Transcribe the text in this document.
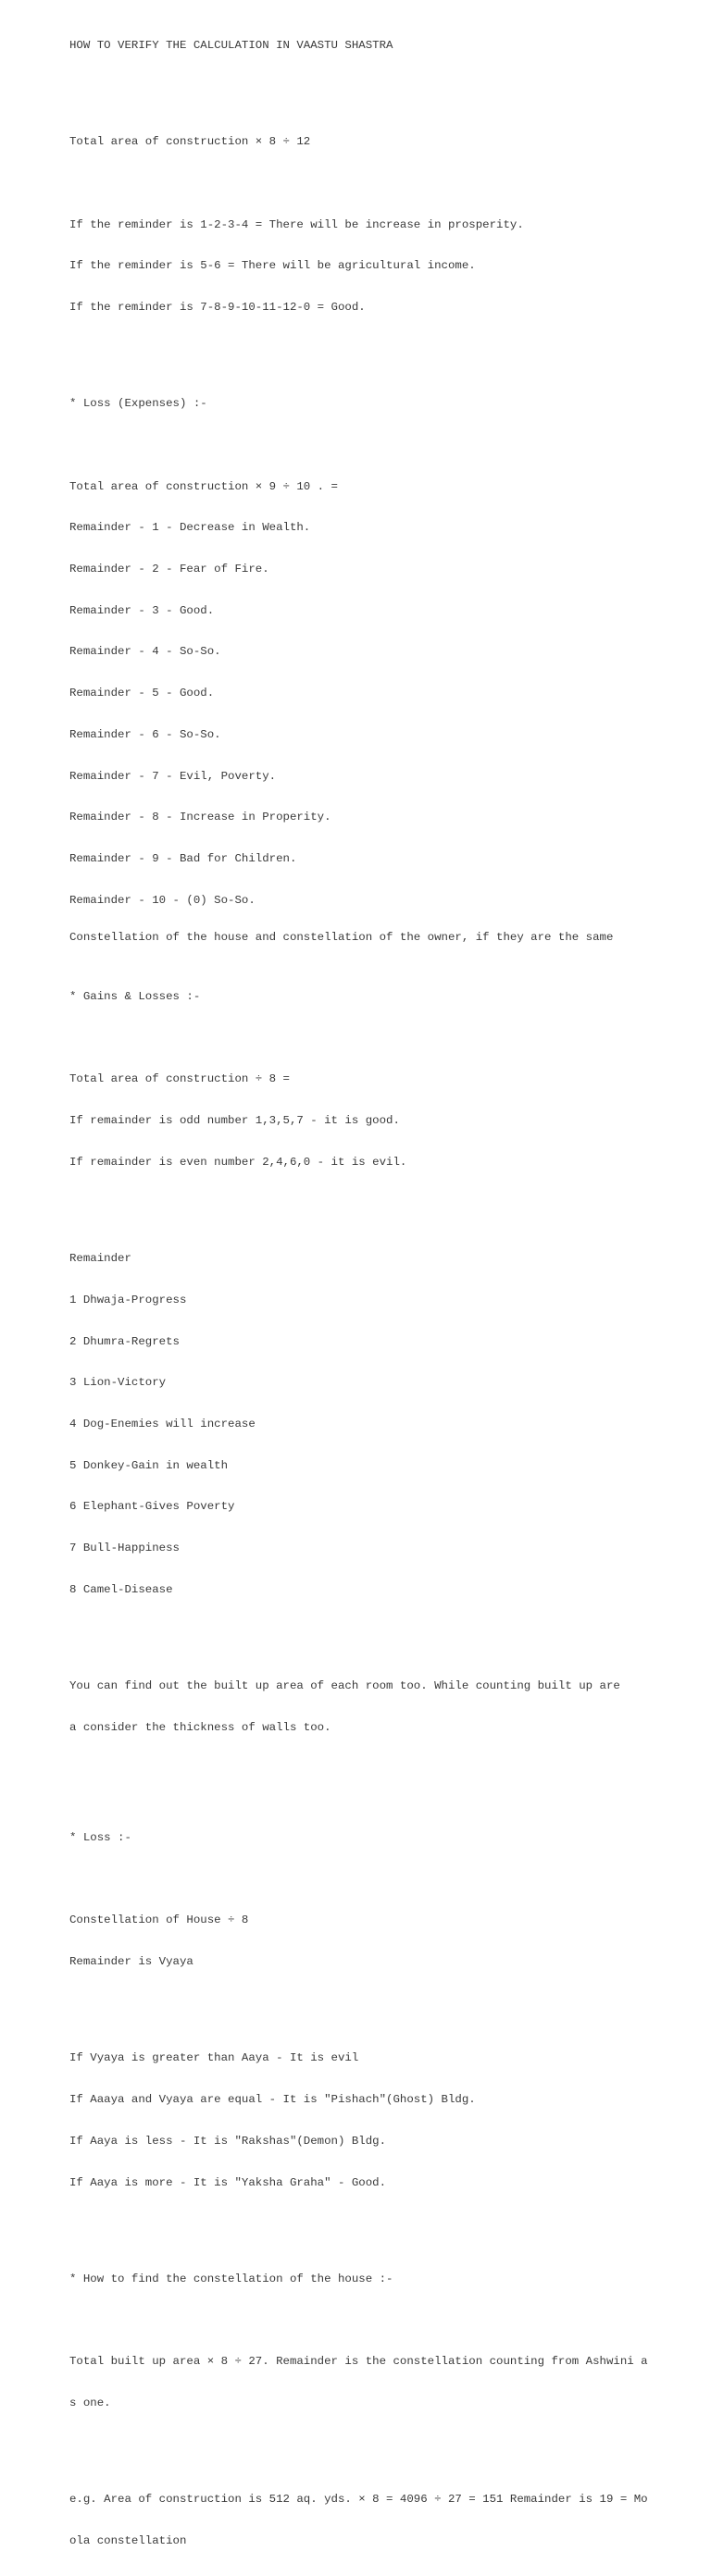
HOW TO VERIFY THE CALCULATION IN VAASTU SHASTRA

Total area of construction × 8 ÷ 12

If the reminder is 1-2-3-4 = There will be increase in prosperity.

If the reminder is 5-6 = There will be agricultural income.

If the reminder is 7-8-9-10-11-12-0 = Good.

* Loss (Expenses) :-

Total area of construction × 9 ÷ 10 . =

Remainder - 1 - Decrease in Wealth.

Remainder - 2 - Fear of Fire.

Remainder - 3 - Good.

Remainder - 4 - So-So.

Remainder - 5 - Good.

Remainder - 6 - So-So.

Remainder - 7 - Evil, Poverty.

Remainder - 8 - Increase in Properity.

Remainder - 9 - Bad for Children.

Remainder - 10 - (0) So-So.

* Gains & Losses :-

Total area of construction ÷ 8 =

If remainder is odd number 1,3,5,7 - it is good.

If remainder is even number 2,4,6,0 - it is evil.

Remainder

1 Dhwaja-Progress

2 Dhumra-Regrets

3 Lion-Victory

4 Dog-Enemies will increase

5 Donkey-Gain in wealth

6 Elephant-Gives Poverty

7 Bull-Happiness

8 Camel-Disease

You can find out the built up area of each room too. While counting built up are

a consider the thickness of walls too.

* Loss :-

Constellation of House ÷ 8

Remainder is Vyaya

If Vyaya is greater than Aaya - It is evil

If Aaaya and Vyaya are equal - It is "Pishach"(Ghost) Bldg.

If Aaya is less - It is "Rakshas"(Demon) Bldg.

If Aaya is more - It is "Yaksha Graha" - Good.

* How to find the constellation of the house :-

Total built up area × 8 ÷ 27. Remainder is the constellation counting from Ashwini a

s one.

e.g. Area of construction is 512 aq. yds. × 8 = 4096 ÷ 27 = 151 Remainder is 19 = Mo

ola constellation

Constellation of the house and constellation of the owner, if they are the same
